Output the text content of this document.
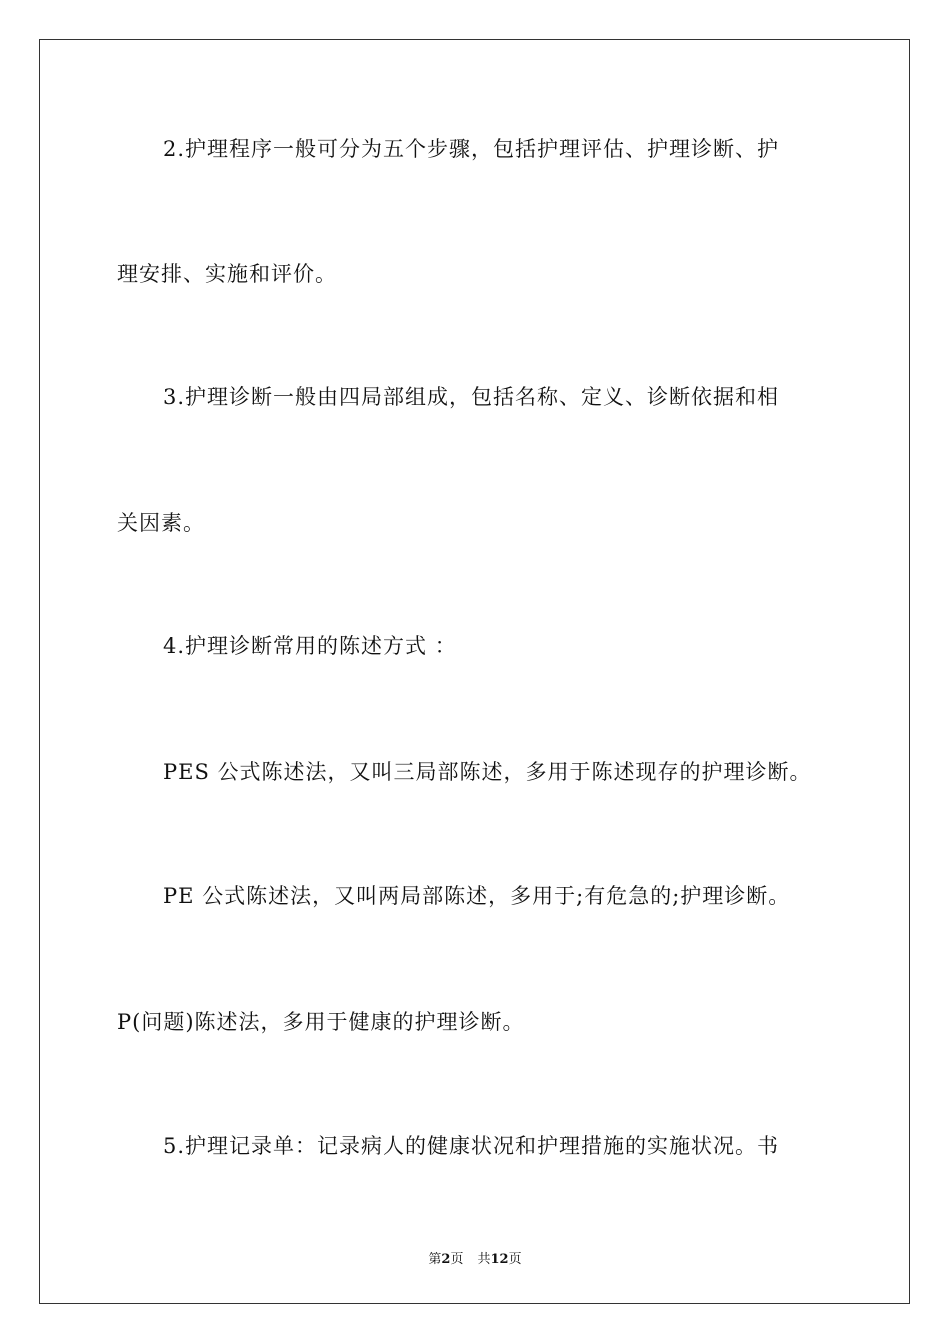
2.护理程序一般可分为五个步骤，包括护理评估、护理诊断、护
理安排、实施和评价。
3.护理诊断一般由四局部组成，包括名称、定义、诊断依据和相
关因素。
4.护理诊断常用的陈述方式 ：
PES 公式陈述法，又叫三局部陈述，多用于陈述现存的护理诊断。
PE 公式陈述法，又叫两局部陈述，多用于;有危急的;护理诊断。
P(问题)陈述法，多用于健康的护理诊断。
5.护理记录单：记录病人的健康状况和护理措施的实施状况。书
第2页 共12页
